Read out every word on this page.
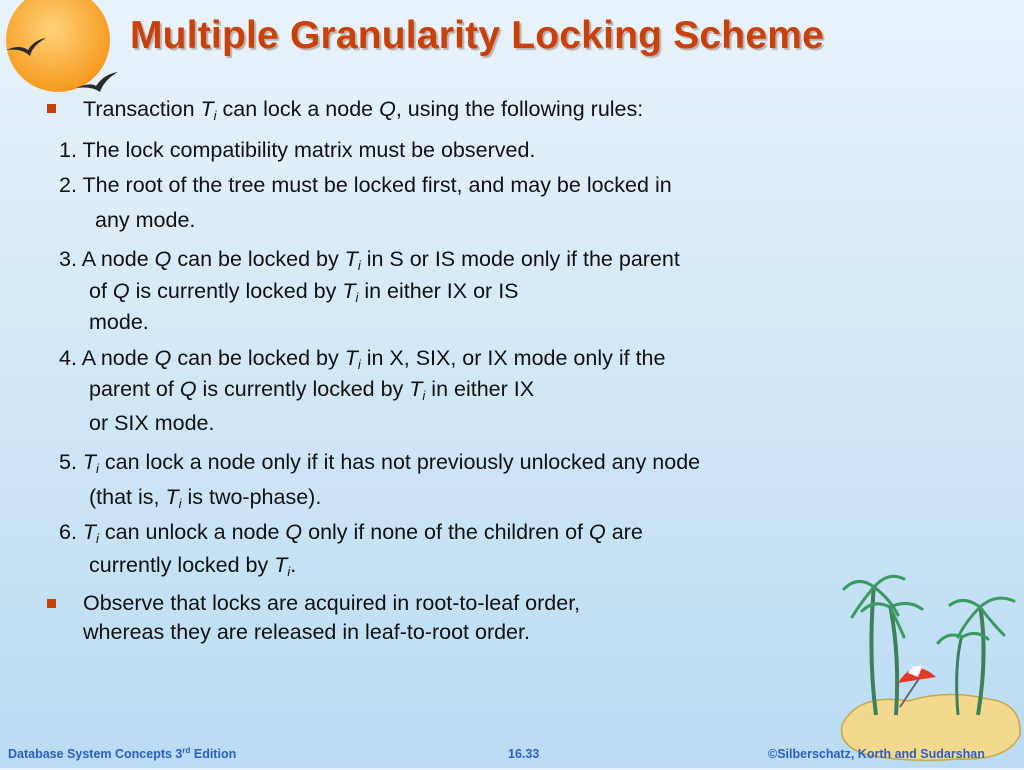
Multiple Granularity Locking Scheme
Transaction $T_i$ can lock a node Q, using the following rules:
1. The lock compatibility matrix must be observed.
2. The root of the tree must be locked first, and may be locked in
any mode.
3. A node Q can be locked by $T_i$ in S or IS mode only if the parent
of Q is currently locked by $T_i$ in either IX or IS
mode.
4. A node Q can be locked by $T_i$ in X, SIX, or IX mode only if the
parent of Q is currently locked by $T_i$ in either IX
or SIX mode.
5. $T_i$ can lock a node only if it has not previously unlocked any node
(that is, $T_i$ is two-phase).
6. $T_i$ can unlock a node Q only if none of the children of Q are
currently locked by $T_i$.
Observe that locks are acquired in root-to-leaf order,
whereas they are released in leaf-to-root order.
Database System Concepts 3rd Edition	16.33	©Silberschatz, Korth and Sudarshan
